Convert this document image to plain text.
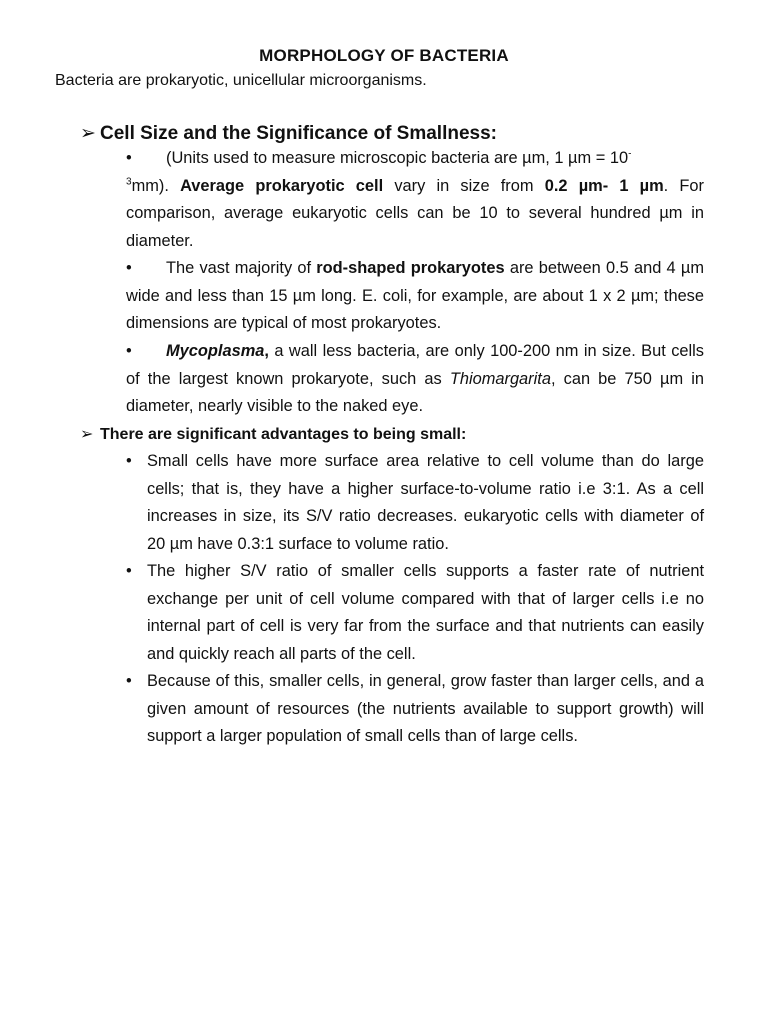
MORPHOLOGY OF BACTERIA
Bacteria are prokaryotic, unicellular microorganisms.
➢ Cell Size and the Significance of Smallness:
• (Units used to measure microscopic bacteria are µm, 1 µm = 10-
$^3$mm). Average prokaryotic cell vary in size from 0.2 µm- 1 µm. For comparison, average eukaryotic cells can be 10 to several hundred µm in diameter.
• The vast majority of rod-shaped prokaryotes are between 0.5 and 4 µm wide and less than 15 µm long. E. coli, for example, are about 1 x 2 µm; these dimensions are typical of most prokaryotes.
• Mycoplasma, a wall less bacteria, are only 100-200 nm in size. But cells of the largest known prokaryote, such as Thiomargarita, can be 750 µm in diameter, nearly visible to the naked eye.
➢ There are significant advantages to being small:
• Small cells have more surface area relative to cell volume than do large cells; that is, they have a higher surface-to-volume ratio i.e 3:1. As a cell increases in size, its S/V ratio decreases. eukaryotic cells with diameter of 20 µm have 0.3:1 surface to volume ratio.
• The higher S/V ratio of smaller cells supports a faster rate of nutrient exchange per unit of cell volume compared with that of larger cells i.e no internal part of cell is very far from the surface and that nutrients can easily and quickly reach all parts of the cell.
• Because of this, smaller cells, in general, grow faster than larger cells, and a given amount of resources (the nutrients available to support growth) will support a larger population of small cells than of large cells.
